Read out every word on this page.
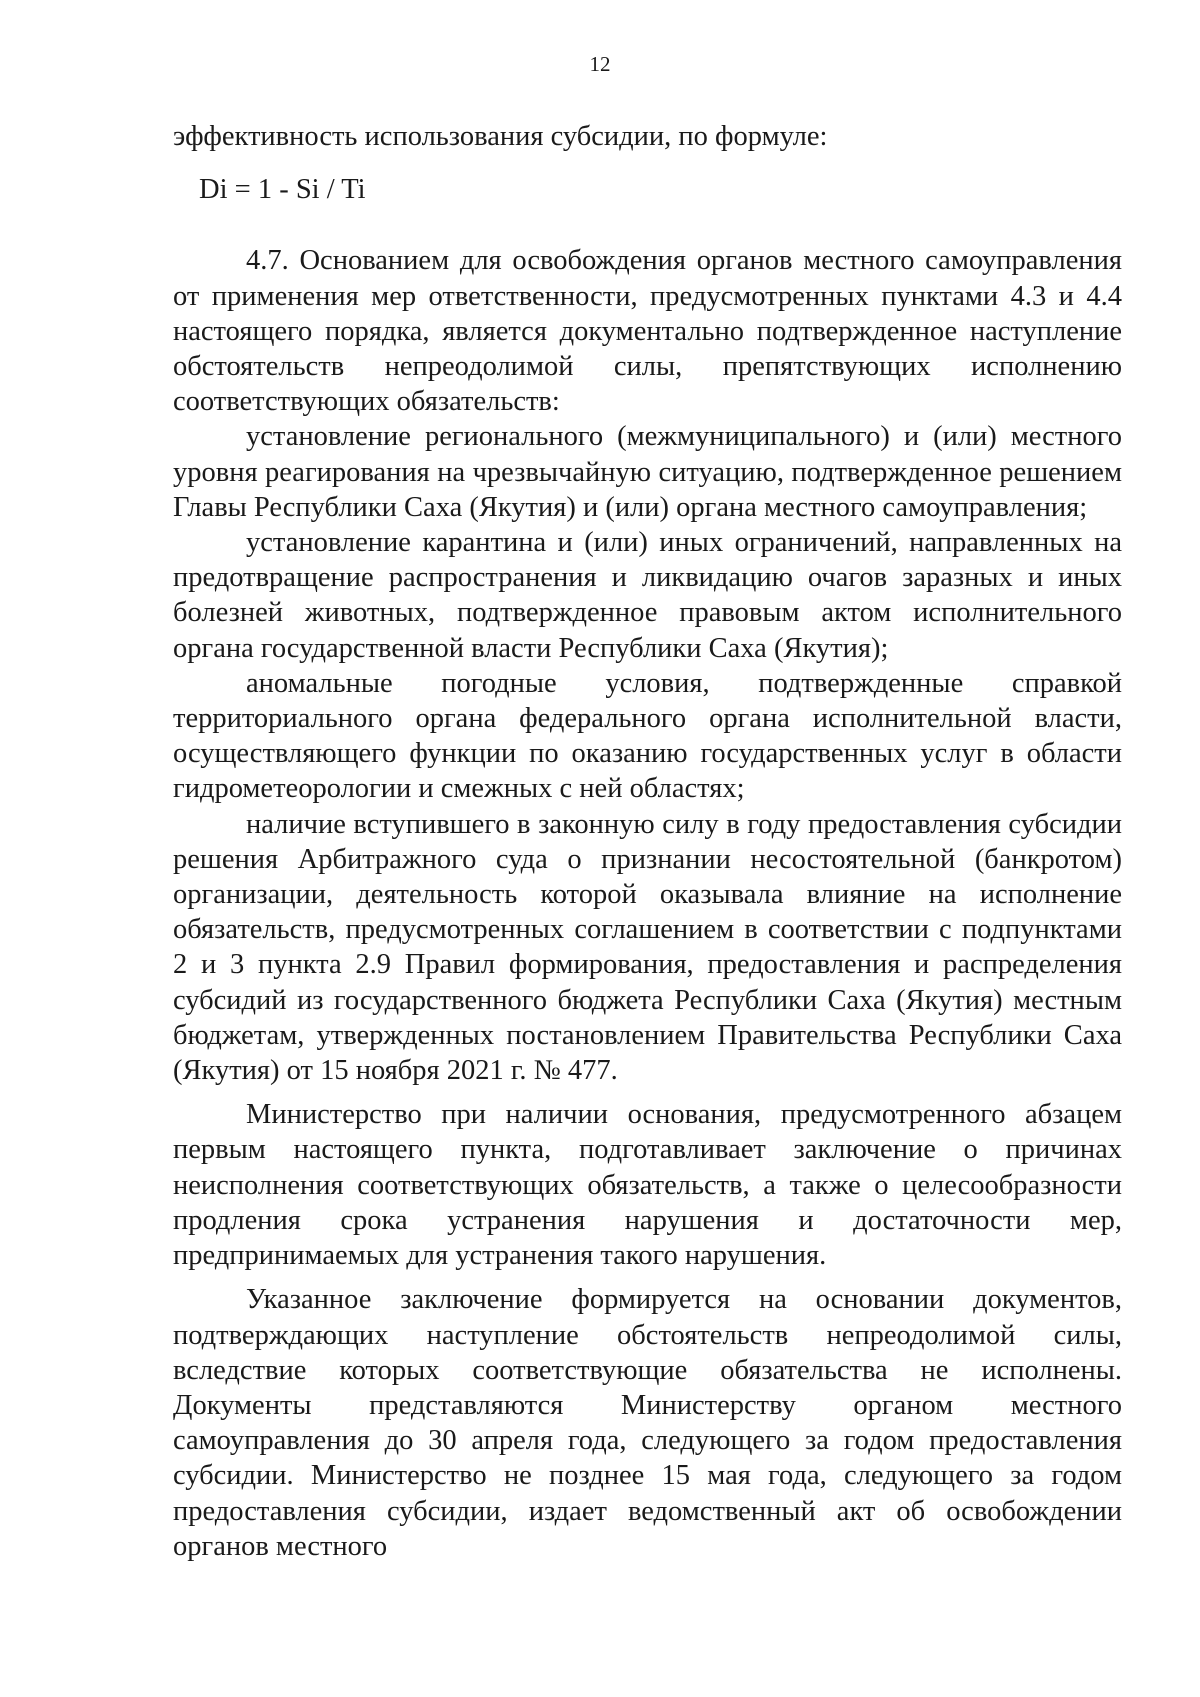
12

эффективность использования субсидии, по формуле:

Di = 1 - Si / Ti

4.7. Основанием для освобождения органов местного самоуправления от применения мер ответственности, предусмотренных пунктами 4.3 и 4.4 настоящего порядка, является документально подтвержденное наступление обстоятельств непреодолимой силы, препятствующих исполнению соответствующих обязательств:

установление регионального (межмуниципального) и (или) местного уровня реагирования на чрезвычайную ситуацию, подтвержденное решением Главы Республики Саха (Якутия) и (или) органа местного самоуправления;

установление карантина и (или) иных ограничений, направленных на предотвращение распространения и ликвидацию очагов заразных и иных болезней животных, подтвержденное правовым актом исполнительного органа государственной власти Республики Саха (Якутия);

аномальные погодные условия, подтвержденные справкой территориального органа федерального органа исполнительной власти, осуществляющего функции по оказанию государственных услуг в области гидрометеорологии и смежных с ней областях;

наличие вступившего в законную силу в году предоставления субсидии решения Арбитражного суда о признании несостоятельной (банкротом) организации, деятельность которой оказывала влияние на исполнение обязательств, предусмотренных соглашением в соответствии с подпунктами 2 и 3 пункта 2.9 Правил формирования, предоставления и распределения субсидий из государственного бюджета Республики Саха (Якутия) местным бюджетам, утвержденных постановлением Правительства Республики Саха (Якутия) от 15 ноября 2021 г. № 477.

Министерство при наличии основания, предусмотренного абзацем первым настоящего пункта, подготавливает заключение о причинах неисполнения соответствующих обязательств, а также о целесообразности продления срока устранения нарушения и достаточности мер, предпринимаемых для устранения такого нарушения.

Указанное заключение формируется на основании документов, подтверждающих наступление обстоятельств непреодолимой силы, вследствие которых соответствующие обязательства не исполнены. Документы представляются Министерству органом местного самоуправления до 30 апреля года, следующего за годом предоставления субсидии. Министерство не позднее 15 мая года, следующего за годом предоставления субсидии, издает ведомственный акт об освобождении органов местного
